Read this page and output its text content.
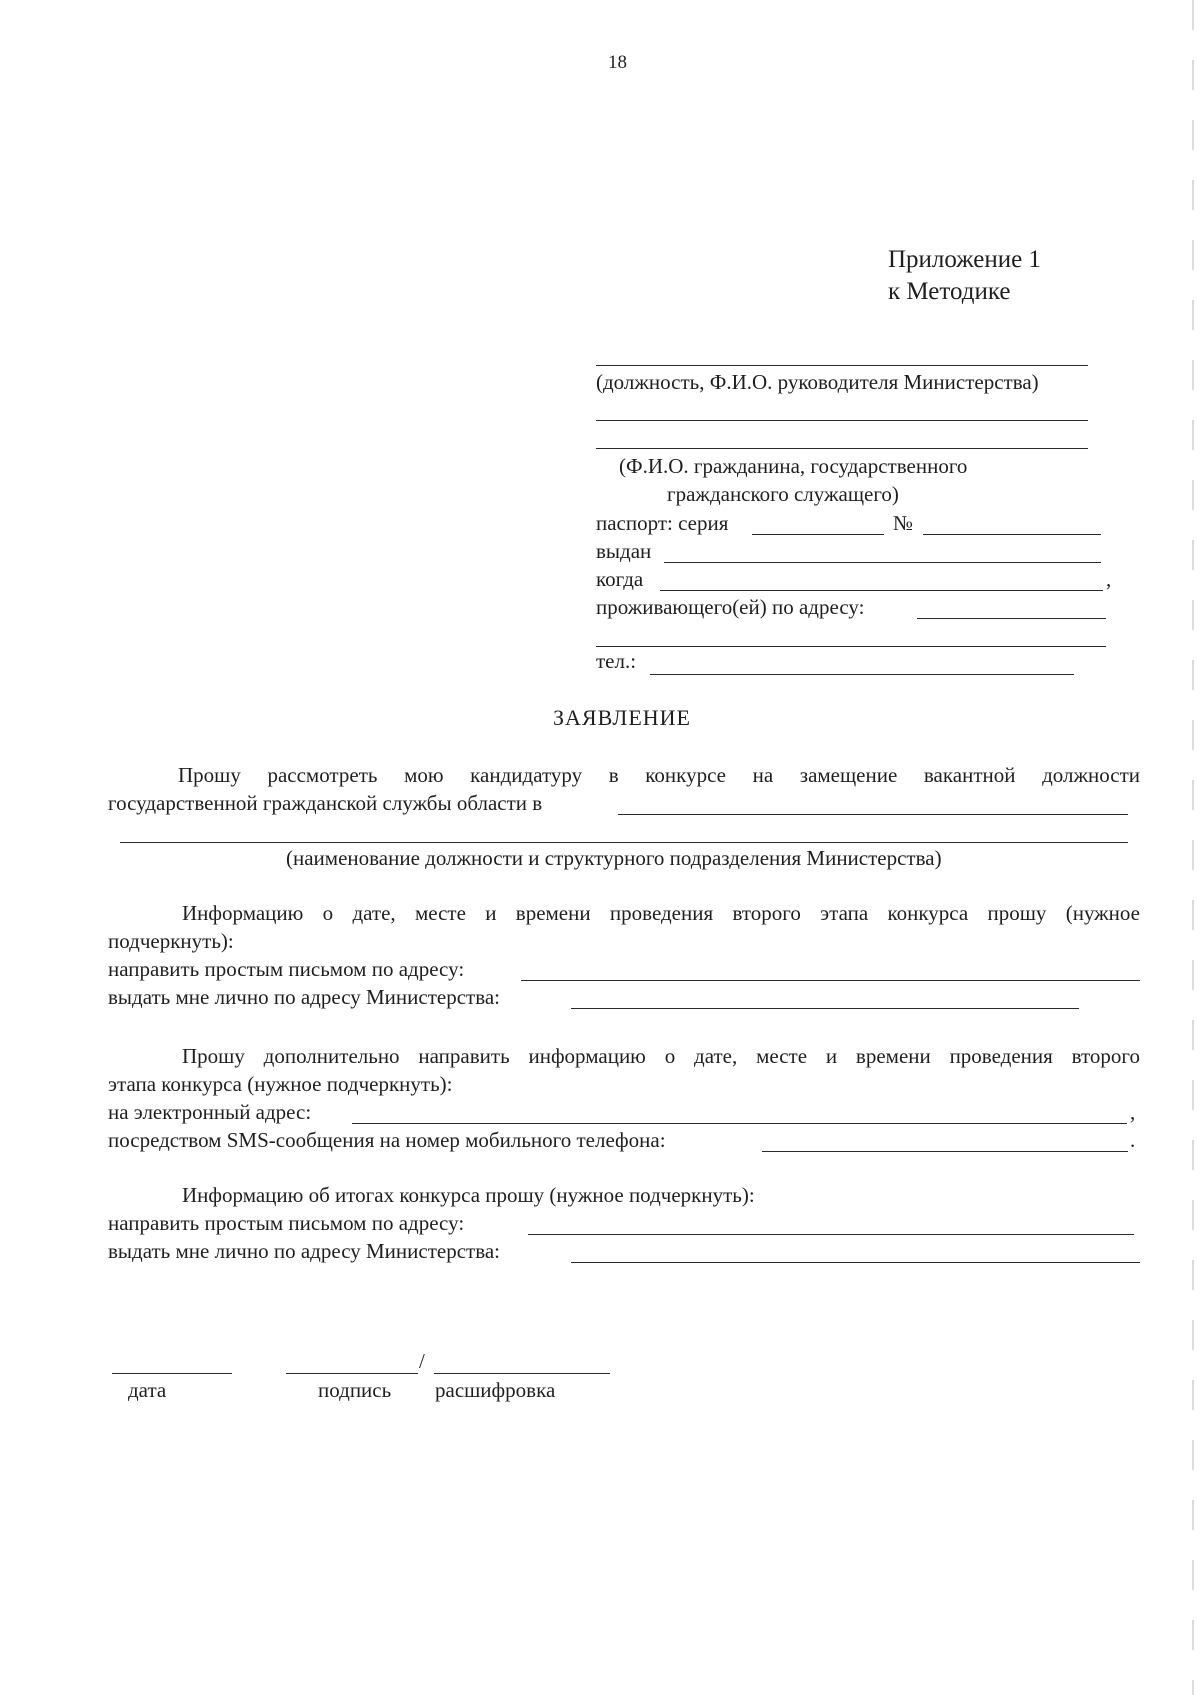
18
Приложение 1
к Методике
(должность, Ф.И.О. руководителя Министерства)
(Ф.И.О. гражданина, государственного
гражданского служащего)
паспорт: серия	№
выдан
когда	,
проживающего(ей) по адресу:
тел.:
ЗАЯВЛЕНИЕ
Прошу рассмотреть мою кандидатуру в конкурсе на замещение вакантной должности
государственной гражданской службы области в
(наименование должности и структурного подразделения Министерства)
Информацию о дате, месте и времени проведения второго этапа конкурса прошу (нужное
подчеркнуть):
направить простым письмом по адресу:
выдать мне лично по адресу Министерства:
Прошу дополнительно направить информацию о дате, месте и времени проведения второго
этапа конкурса (нужное подчеркнуть):
на электронный адрес:	,
посредством SMS-сообщения на номер мобильного телефона:	.
Информацию об итогах конкурса прошу (нужное подчеркнуть):
направить простым письмом по адресу:
выдать мне лично по адресу Министерства:
/
дата	подпись расшифровка
